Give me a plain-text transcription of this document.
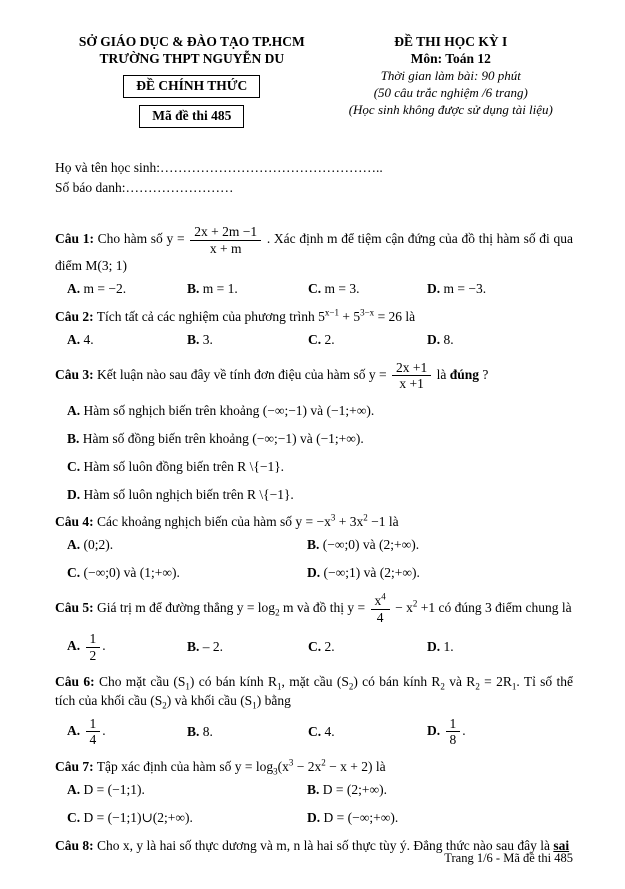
SỞ GIÁO DỤC & ĐÀO TẠO TP.HCM
TRƯỜNG THPT NGUYỄN DU
ĐỀ CHÍNH THỨC
Mã đề thi 485
ĐỀ THI HỌC KỲ I
Môn: Toán 12
Thời gian làm bài: 90 phút
(50 câu trắc nghiệm /6 trang)
(Học sinh không được sử dụng tài liệu)
Họ và tên học sinh:…………………………………………..
Số báo danh:……………………

Câu 1: Cho hàm số $y = \frac{2x + 2m -1}{x + m}$ . Xác định m để tiệm cận đứng của đồ thị hàm số đi qua điểm M(3; 1)

A. m = −2.	B. m = 1.	C. m = 3.	D. m = −3.

Câu 2: Tích tất cả các nghiệm của phương trình $5^{x-1} + 5^{3-x} = 26$ là

A. 4.	B. 3.	C. 2.	D. 8.

Câu 3: Kết luận nào sau đây về tính đơn điệu của hàm số $y = \frac{2x +1}{x +1}$ là đúng ?

A. Hàm số nghịch biến trên khoảng (−∞;−1) và (−1;+∞).
B. Hàm số đồng biến trên khoảng (−∞;−1) và (−1;+∞).
C. Hàm số luôn đồng biến trên R \{−1}.
D. Hàm số luôn nghịch biến trên R \{−1}.

Câu 4: Các khoảng nghịch biến của hàm số $y = -x^3 + 3x^2 -1$ là

A. (0;2).	B. (−∞;0) và (2;+∞).
C. (−∞;0) và (1;+∞).	D. (−∞;1) và (2;+∞).

Câu 5: Giá trị m để đường thẳng $y = \log_2 m$ và đồ thị $y = \frac{x^4}{4} - x^2 +1$ có đúng 3 điểm chung là

A. $\frac{1}{2}$ .	B. – 2.	C. 2.	D. 1.

Câu 6: Cho mặt cầu $(S_1)$ có bán kính $R_1$, mặt cầu $(S_2)$ có bán kính $R_2$ và $R_2 = 2R_1$. Tỉ số thể tích của khối cầu $(S_2)$ và khối cầu $(S_1)$ bằng

A. $\frac{1}{4}$ .	B. 8.	C. 4.	D. $\frac{1}{8}$ .

Câu 7: Tập xác định của hàm số $y = \log_3(x^3 - 2x^2 - x + 2)$ là

A. D = (−1;1).	B. D = (2;+∞).
C. D = (−1;1)∪(2;+∞).	D. D = (−∞;+∞).

Câu 8: Cho x, y là hai số thực dương và m, n là hai số thực tùy ý. Đẳng thức nào sau đây là sai

Trang 1/6 - Mã đề thi 485
